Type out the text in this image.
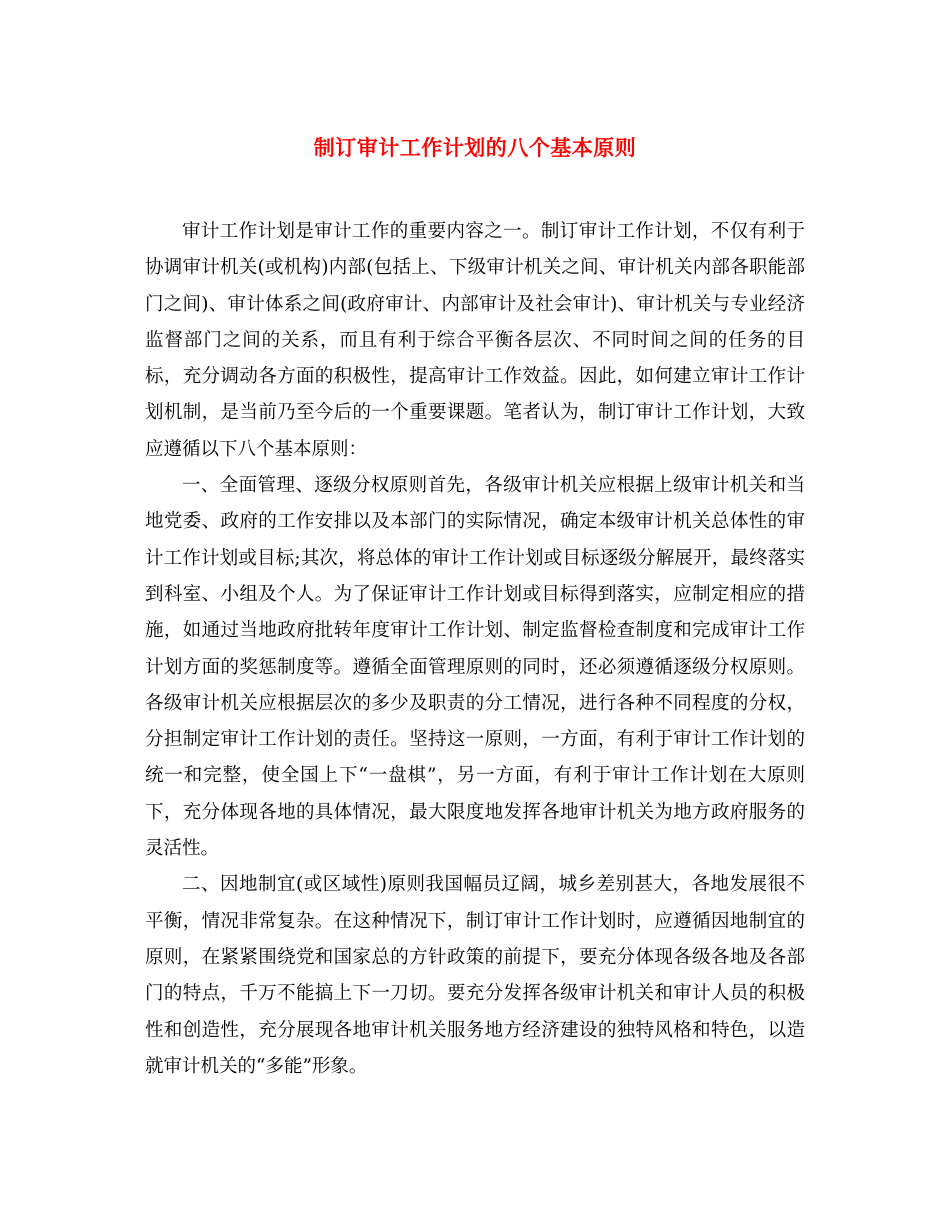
制订审计工作计划的八个基本原则

审计工作计划是审计工作的重要内容之一。制订审计工作计划，不仅有利于协调审计机关(或机构)内部(包括上、下级审计机关之间、审计机关内部各职能部门之间)、审计体系之间(政府审计、内部审计及社会审计)、审计机关与专业经济监督部门之间的关系，而且有利于综合平衡各层次、不同时间之间的任务的目标，充分调动各方面的积极性，提高审计工作效益。因此，如何建立审计工作计划机制，是当前乃至今后的一个重要课题。笔者认为，制订审计工作计划，大致应遵循以下八个基本原则：

一、全面管理、逐级分权原则首先，各级审计机关应根据上级审计机关和当地党委、政府的工作安排以及本部门的实际情况，确定本级审计机关总体性的审计工作计划或目标;其次，将总体的审计工作计划或目标逐级分解展开，最终落实到科室、小组及个人。为了保证审计工作计划或目标得到落实，应制定相应的措施，如通过当地政府批转年度审计工作计划、制定监督检查制度和完成审计工作计划方面的奖惩制度等。遵循全面管理原则的同时，还必须遵循逐级分权原则。各级审计机关应根据层次的多少及职责的分工情况，进行各种不同程度的分权，分担制定审计工作计划的责任。坚持这一原则，一方面，有利于审计工作计划的统一和完整，使全国上下“一盘棋”，另一方面，有利于审计工作计划在大原则下，充分体现各地的具体情况，最大限度地发挥各地审计机关为地方政府服务的灵活性。

二、因地制宜(或区域性)原则我国幅员辽阔，城乡差别甚大，各地发展很不平衡，情况非常复杂。在这种情况下，制订审计工作计划时，应遵循因地制宜的原则，在紧紧围绕党和国家总的方针政策的前提下，要充分体现各级各地及各部门的特点，千万不能搞上下一刀切。要充分发挥各级审计机关和审计人员的积极性和创造性，充分展现各地审计机关服务地方经济建设的独特风格和特色，以造就审计机关的“多能”形象。
